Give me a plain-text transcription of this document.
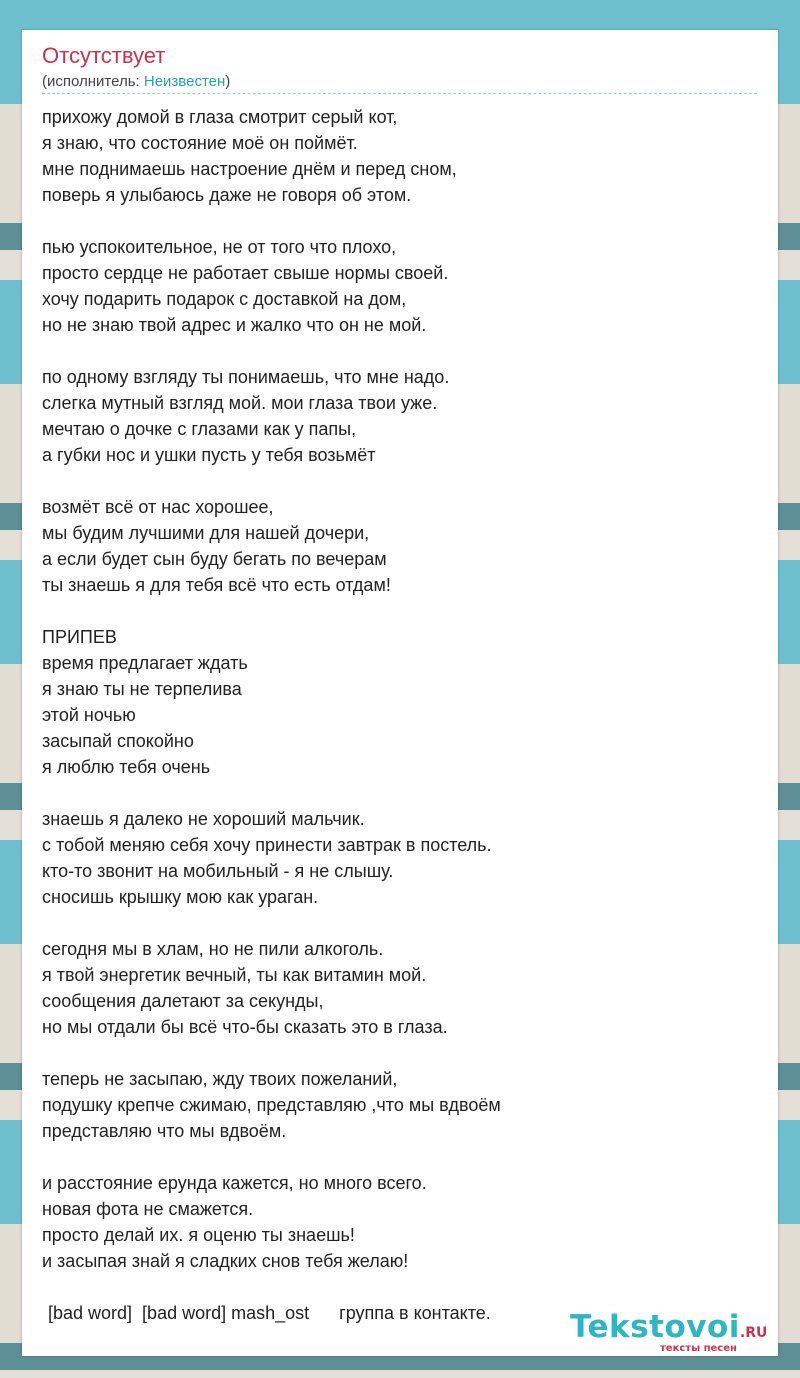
Отсутствует
(исполнитель: Неизвестен)
прихожу домой в глаза смотрит серый кот,
я знаю, что состояние моё он поймёт.
мне поднимаешь настроение днём и перед сном,
поверь я улыбаюсь даже не говоря об этом.
пью успокоительное, не от того что плохо,
просто сердце не работает свыше нормы своей.
хочу подарить подарок с доставкой на дом,
но не знаю твой адрес и жалко что он не мой.
по одному взгляду ты понимаешь, что мне надо.
слегка мутный взгляд мой. мои глаза твои уже.
мечтаю о дочке с глазами как у папы,
а губки нос и ушки пусть у тебя возьмёт
возмёт всё от нас хорошее,
мы будим лучшими для нашей дочери,
а если будет сын буду бегать по вечерам
ты знаешь я для тебя всё что есть отдам!
ПРИПЕВ
время предлагает ждать
я знаю ты не терпелива
этой ночью
засыпай спокойно
я люблю тебя очень
знаешь я далеко не хороший мальчик.
с тобой меняю себя хочу принести завтрак в постель.
кто-то звонит на мобильный - я не слышу.
сносишь крышку мою как ураган.
сегодня мы в хлам, но не пили алкоголь.
я твой энергетик вечный, ты как витамин мой.
сообщения далетают за секунды,
но мы отдали бы всё что-бы сказать это в глаза.
теперь не засыпаю, жду твоих пожеланий,
подушку крепче сжимаю, представляю ,что мы вдвоём
представляю что мы вдвоём.
и расстояние ерунда кажется, но много всего.
новая фота не смажется.
просто делай их. я оценю ты знаешь!
и засыпая знай я сладких снов тебя желаю!
[bad word]  [bad word] mash_ost      группа в контакте.	Tekstovoi.RU
тексты песен
